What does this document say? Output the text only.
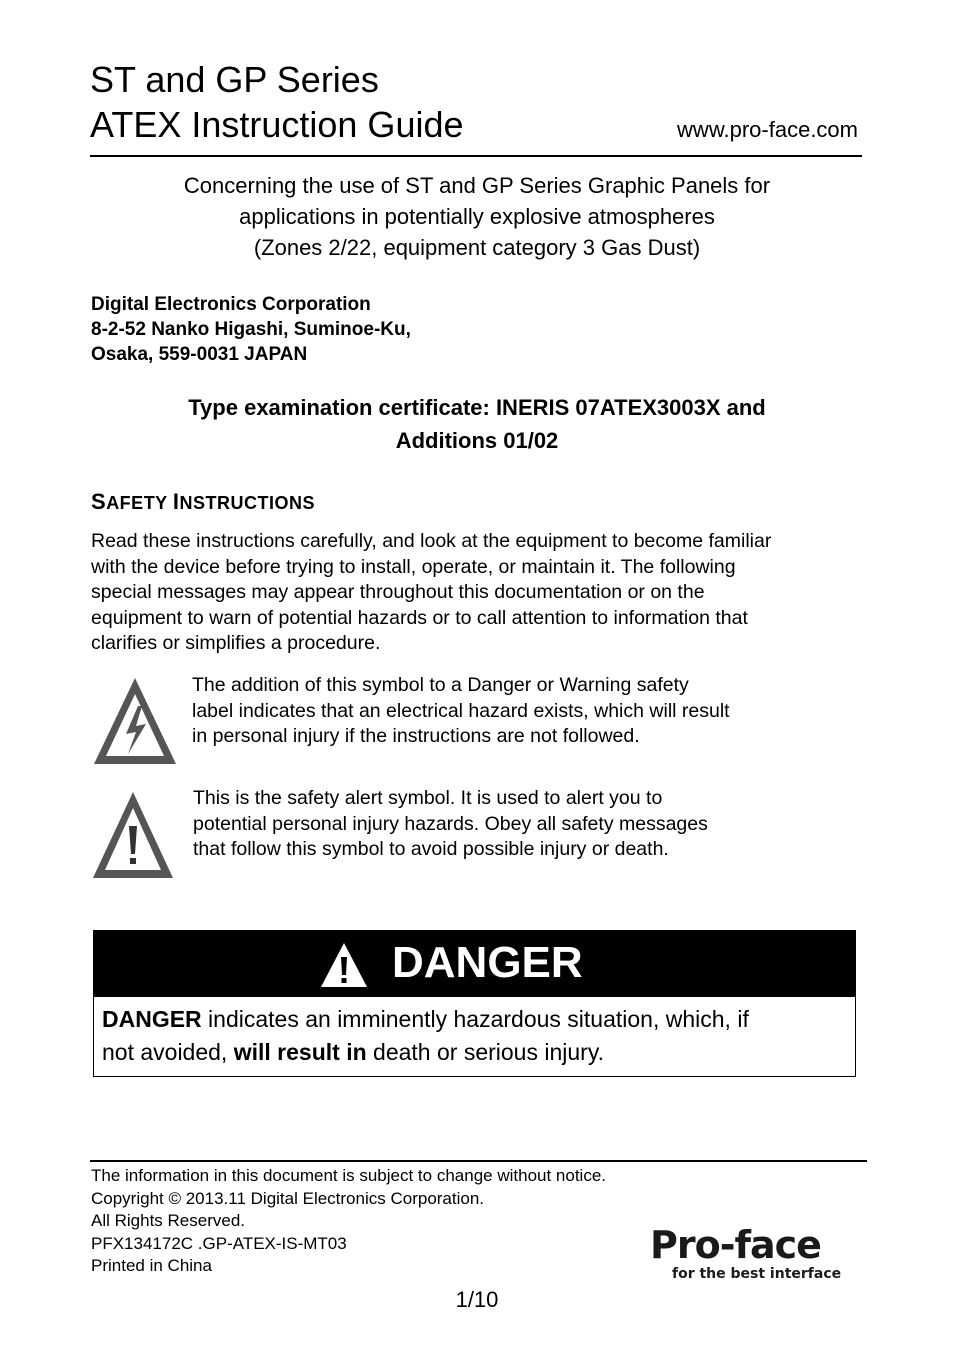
ST and GP Series
ATEX Instruction Guide	www.pro-face.com
Concerning the use of ST and GP Series Graphic Panels for
applications in potentially explosive atmospheres
(Zones 2/22, equipment category 3 Gas Dust)
Digital Electronics Corporation
8-2-52 Nanko Higashi, Suminoe-Ku,
Osaka, 559-0031 JAPAN
Type examination certificate: INERIS 07ATEX3003X and
Additions 01/02
SAFETY INSTRUCTIONS
Read these instructions carefully, and look at the equipment to become familiar
with the device before trying to install, operate, or maintain it. The following
special messages may appear throughout this documentation or on the
equipment to warn of potential hazards or to call attention to information that
clarifies or simplifies a procedure.
The addition of this symbol to a Danger or Warning safety
label indicates that an electrical hazard exists, which will result
in personal injury if the instructions are not followed.
This is the safety alert symbol. It is used to alert you to
potential personal injury hazards. Obey all safety messages
that follow this symbol to avoid possible injury or death.
DANGER
DANGER indicates an imminently hazardous situation, which, if
not avoided, will result in death or serious injury.
The information in this document is subject to change without notice.
Copyright © 2013.11 Digital Electronics Corporation.
All Rights Reserved.
PFX134172C .GP-ATEX-IS-MT03
Printed in China	Pro-face
for the best interface
1/10
